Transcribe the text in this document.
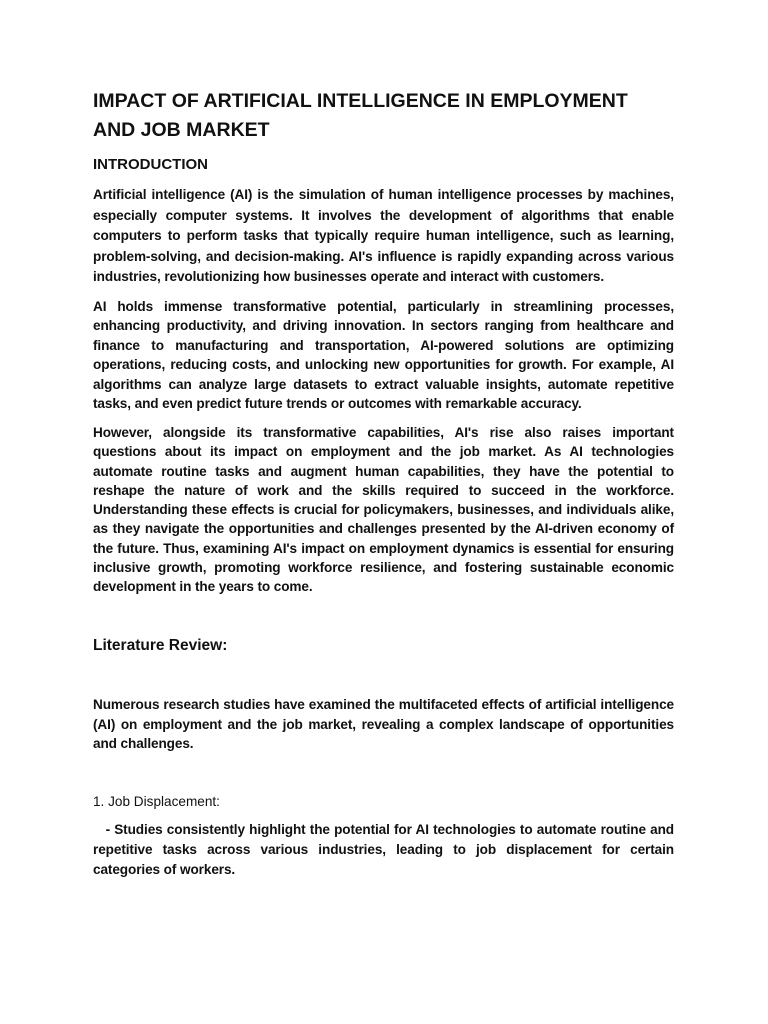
IMPACT OF ARTIFICIAL INTELLIGENCE IN EMPLOYMENT AND JOB MARKET
INTRODUCTION

Artificial intelligence (AI) is the simulation of human intelligence processes by machines, especially computer systems. It involves the development of algorithms that enable computers to perform tasks that typically require human intelligence, such as learning, problem-solving, and decision-making. AI's influence is rapidly expanding across various industries, revolutionizing how businesses operate and interact with customers.

AI holds immense transformative potential, particularly in streamlining processes, enhancing productivity, and driving innovation. In sectors ranging from healthcare and finance to manufacturing and transportation, AI-powered solutions are optimizing operations, reducing costs, and unlocking new opportunities for growth. For example, AI algorithms can analyze large datasets to extract valuable insights, automate repetitive tasks, and even predict future trends or outcomes with remarkable accuracy.

However, alongside its transformative capabilities, AI's rise also raises important questions about its impact on employment and the job market. As AI technologies automate routine tasks and augment human capabilities, they have the potential to reshape the nature of work and the skills required to succeed in the workforce. Understanding these effects is crucial for policymakers, businesses, and individuals alike, as they navigate the opportunities and challenges presented by the AI-driven economy of the future. Thus, examining AI's impact on employment dynamics is essential for ensuring inclusive growth, promoting workforce resilience, and fostering sustainable economic development in the years to come.

Literature Review:

Numerous research studies have examined the multifaceted effects of artificial intelligence (AI) on employment and the job market, revealing a complex landscape of opportunities and challenges.

1. Job Displacement:

- Studies consistently highlight the potential for AI technologies to automate routine and repetitive tasks across various industries, leading to job displacement for certain categories of workers.
